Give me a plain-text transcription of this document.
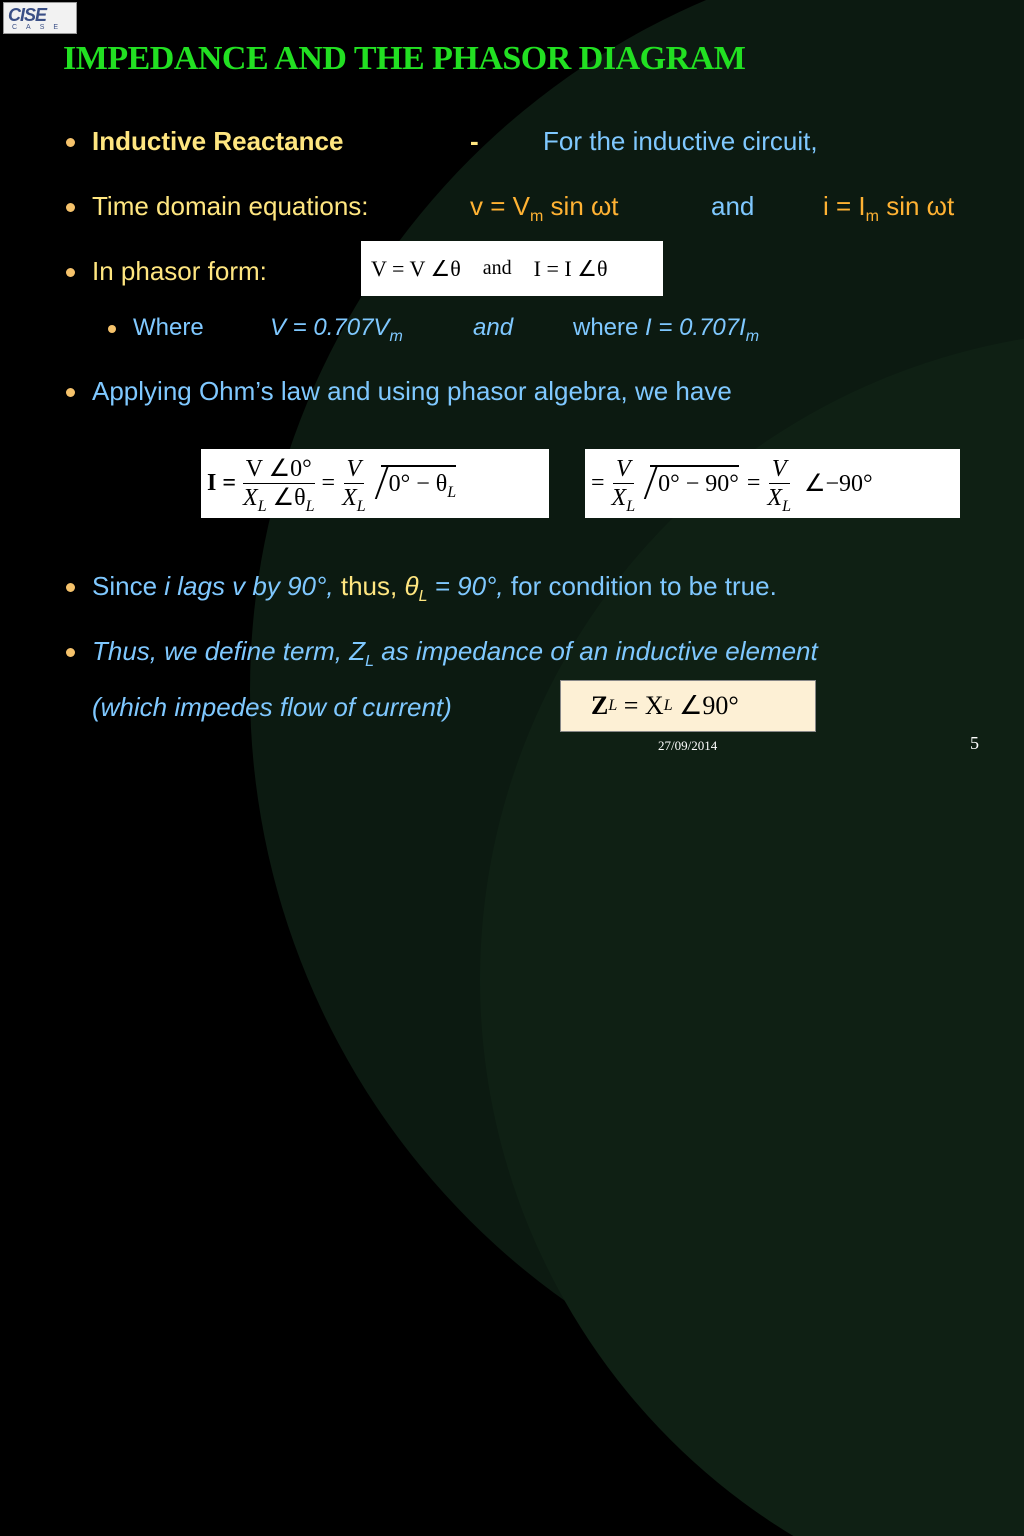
CISE
CASE
IMPEDANCE AND THE PHASOR DIAGRAM
Inductive Reactance	- For the inductive circuit,
Time domain equations:	$v = V_m$ sin ωt	and	$i = I_m$ sin ωt
In phasor form:	V = V ∠θ and I = I ∠θ
Where	$V = 0.707V_m$	and where $I = 0.707I_m$
Applying Ohm’s law and using phasor algebra, we have
$I = \frac{V \angle 0^\circ}{X_L \angle\theta_L} = \frac{V}{X_L} 0^\circ - \theta_L$	= $\frac{V}{X_L} 0^\circ - 90^\circ = \frac{V}{X_L}$ ∠−90°
Since i lags v by 90°, thus, $\theta_L = 90^\circ$, for condition to be true.
Thus, we define term, $Z_L$ as impedance of an inductive element
(which impedes flow of current)	Z L = X L ∠90°
27/09/2014	5
